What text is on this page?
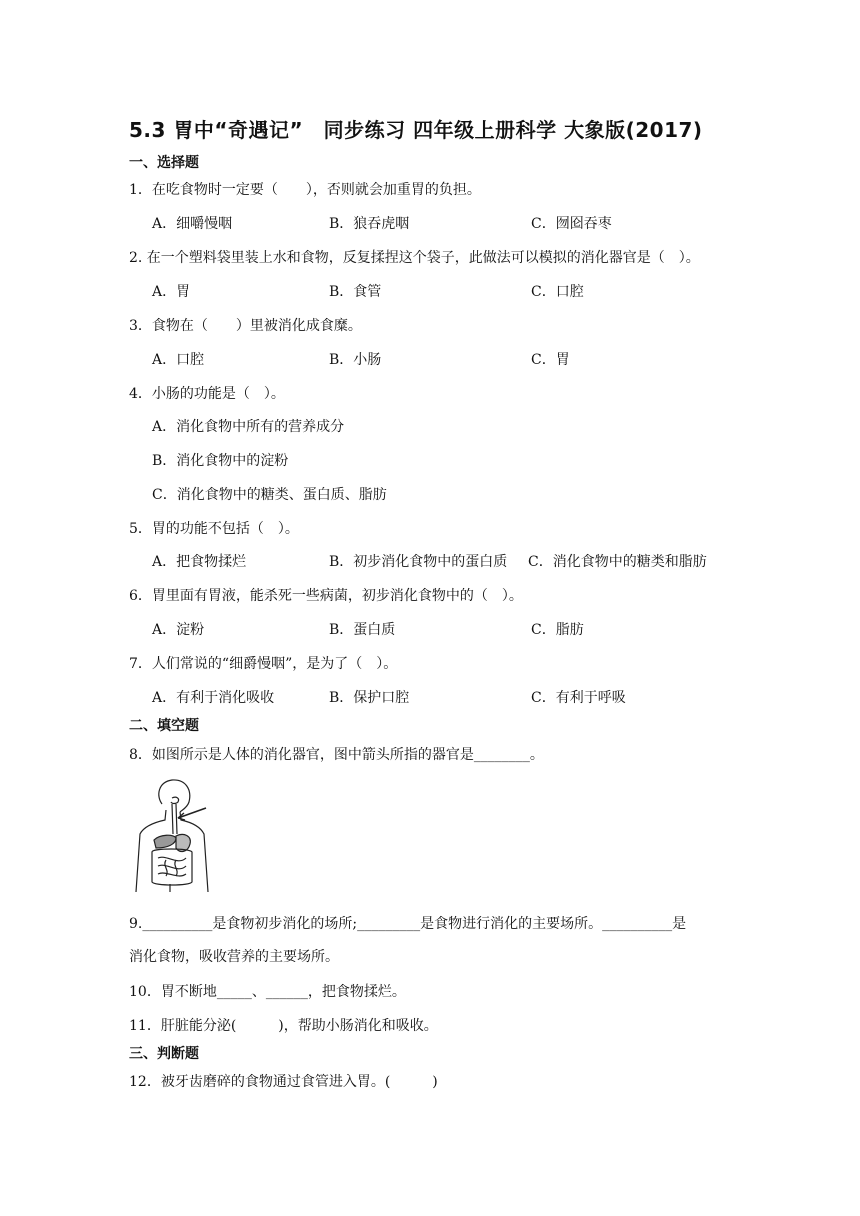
5.3 胃中“奇遇记”　同步练习 四年级上册科学 大象版(2017)
一、选择题
1．在吃食物时一定要（　　），否则就会加重胃的负担。
A．细嚼慢咽	B．狼吞虎咽	C．囫囵吞枣
2. 在一个塑料袋里装上水和食物，反复揉捏这个袋子，此做法可以模拟的消化器官是（　）。
A．胃	B．食管	C．口腔
3．食物在（　　）里被消化成食糜。
A．口腔	B．小肠	C．胃
4．小肠的功能是（　）。
A．消化食物中所有的营养成分
B．消化食物中的淀粉
C．消化食物中的糖类、蛋白质、脂肪
5．胃的功能不包括（　）。
A．把食物揉烂	B．初步消化食物中的蛋白质 C．消化食物中的糖类和脂肪
6．胃里面有胃液，能杀死一些病菌，初步消化食物中的（　）。
A．淀粉	B．蛋白质	C．脂肪
7．人们常说的“细爵慢咽”，是为了（　）。
A．有利于消化吸收	B．保护口腔	C．有利于呼吸
二、填空题
8．如图所示是人体的消化器官，图中箭头所指的器官是________。
9.__________是食物初步消化的场所;_________是食物进行消化的主要场所。__________是
消化食物，吸收营养的主要场所。
10．胃不断地_____、______，把食物揉烂。
11．肝脏能分泌(　　　)，帮助小肠消化和吸收。
三、判断题
12．被牙齿磨碎的食物通过食管进入胃。(　　　)
